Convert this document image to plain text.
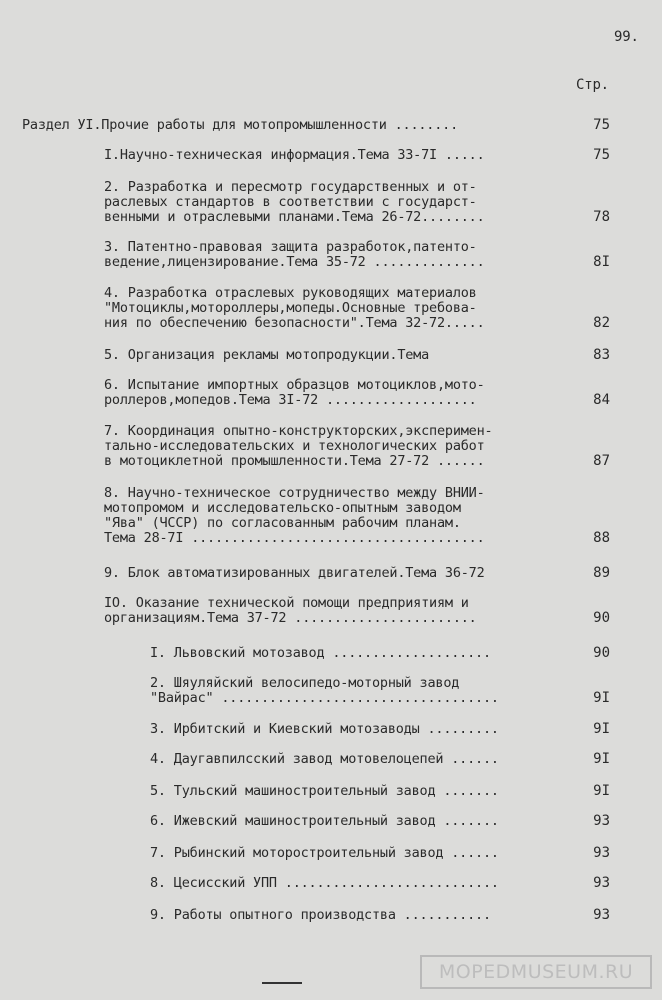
99.
Стр.
Раздел УI.Прочие работы для мотопромышленности ........	75
I.Научно-техническая информация.Тема 33-7I .....	75
2. Разработка и пересмотр государственных и от-
раслевых стандартов в соответствии с государст-
венными и отраслевыми планами.Тема 26-72........	78
3. Патентно-правовая защита разработок,патенто-
ведение,лицензирование.Тема 35-72 ..............	8I
4. Разработка отраслевых руководящих материалов
"Мотоциклы,мотороллеры,мопеды.Основные требова-
ния по обеспечению безопасности".Тема 32-72.....	82
5. Организация рекламы мотопродукции.Тема	83
6. Испытание импортных образцов мотоциклов,мото-
роллеров,мопедов.Тема 3I-72 ...................	84
7. Координация опытно-конструкторских,эксперимен-
тально-исследовательских и технологических работ
в мотоциклетной промышленности.Тема 27-72 ......	87
8. Научно-техническое сотрудничество между ВНИИ-
мотопромом и исследовательско-опытным заводом
"Ява" (ЧССР) по согласованным рабочим планам.
Тема 28-7I .....................................	88
9. Блок автоматизированных двигателей.Тема 36-72	89
IO. Оказание технической помощи предприятиям и
организациям.Тема 37-72 .......................	90
I. Львовский мотозавод ....................	90
2. Шяуляйский велосипедо-моторный завод
"Вайрас" ...................................	9I
3. Ирбитский и Киевский мотозаводы .........	9I
4. Даугавпилсский завод мотовелоцепей ......	9I
5. Тульский машиностроительный завод .......	9I
6. Ижевский машиностроительный завод .......	93
7. Рыбинский моторостроительный завод ......	93
8. Цесисский УПП ...........................	93
9. Работы опытного производства ...........	93
MOPEDMUSEUM.RU
